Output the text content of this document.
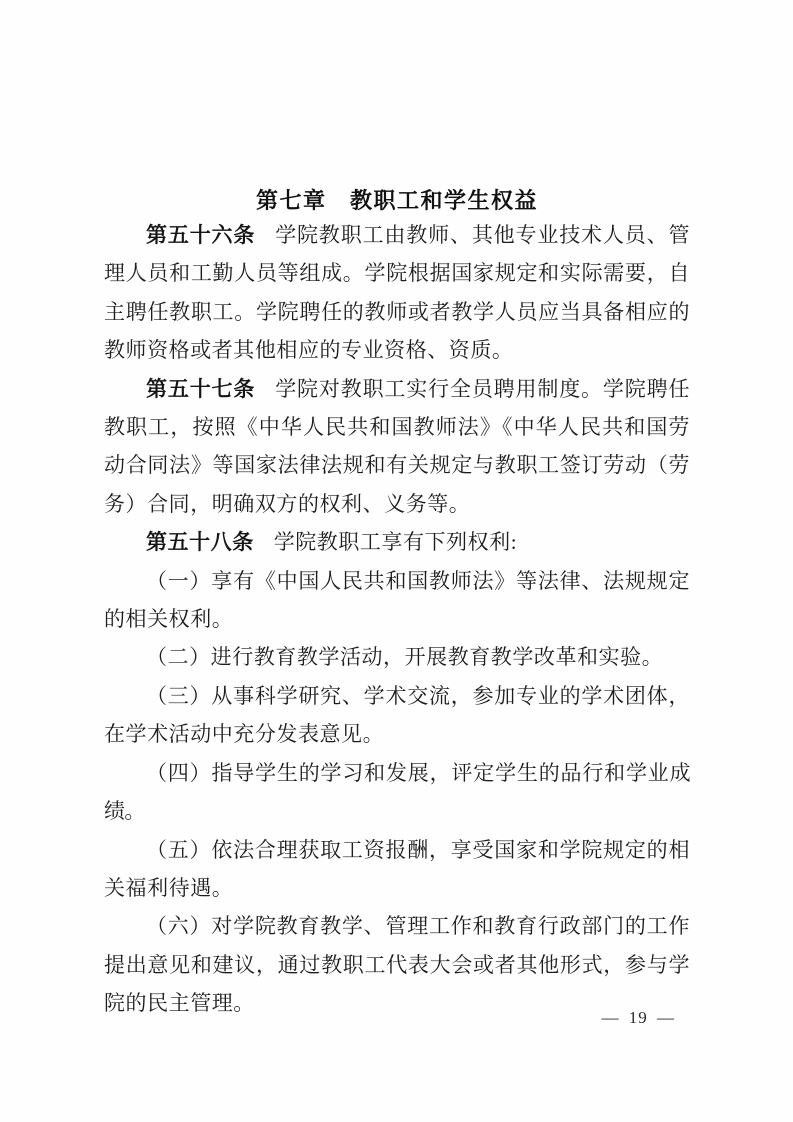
第七章　教职工和学生权益

第五十六条 学院教职工由教师、其他专业技术人员、管理人员和工勤人员等组成。学院根据国家规定和实际需要，自主聘任教职工。学院聘任的教师或者教学人员应当具备相应的教师资格或者其他相应的专业资格、资质。

第五十七条 学院对教职工实行全员聘用制度。学院聘任教职工，按照《中华人民共和国教师法》《中华人民共和国劳动合同法》等国家法律法规和有关规定与教职工签订劳动（劳务）合同，明确双方的权利、义务等。

第五十八条 学院教职工享有下列权利:

（一）享有《中国人民共和国教师法》等法律、法规规定的相关权利。

（二）进行教育教学活动，开展教育教学改革和实验。

（三）从事科学研究、学术交流，参加专业的学术团体，在学术活动中充分发表意见。

（四）指导学生的学习和发展，评定学生的品行和学业成绩。

（五）依法合理获取工资报酬，享受国家和学院规定的相关福利待遇。

（六）对学院教育教学、管理工作和教育行政部门的工作提出意见和建议，通过教职工代表大会或者其他形式，参与学院的民主管理。

— 19 —
